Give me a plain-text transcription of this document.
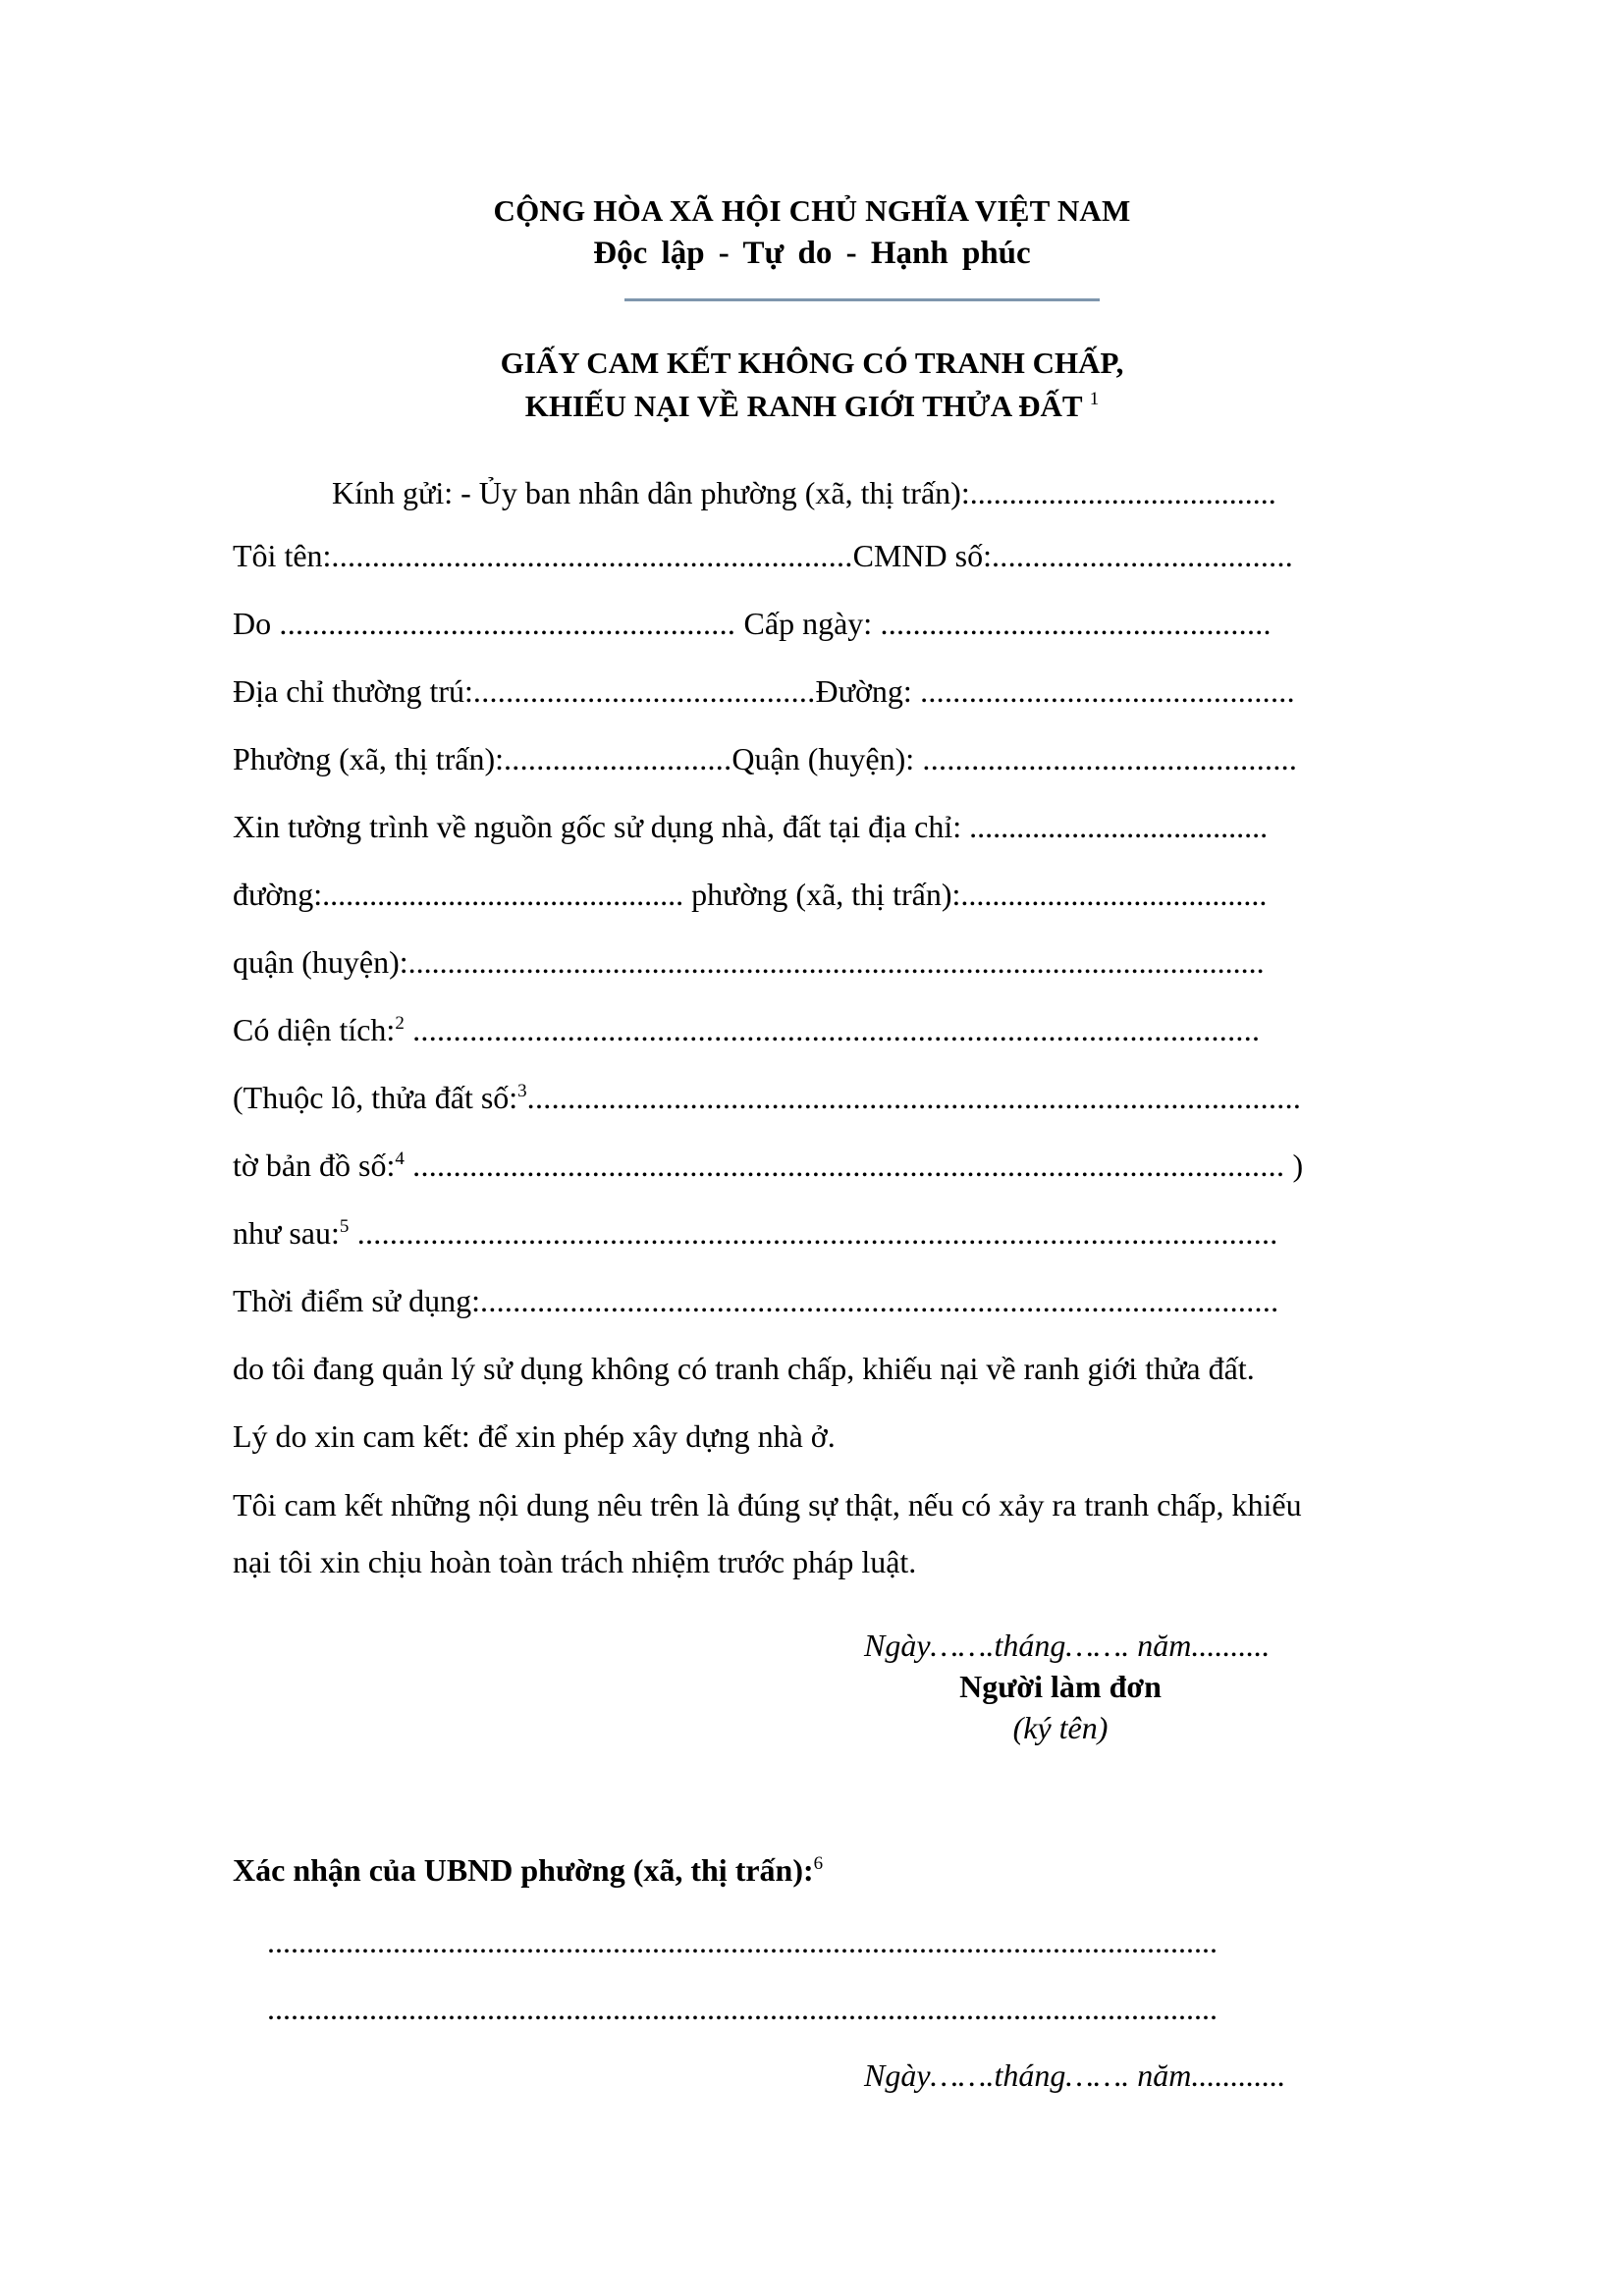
CỘNG HÒA XÃ HỘI CHỦ NGHĨA VIỆT NAM
Độc lập - Tự do - Hạnh phúc
GIẤY CAM KẾT KHÔNG CÓ TRANH CHẤP,
KHIẾU NẠI VỀ RANH GIỚI THỬA ĐẤT $^1$
Kính gửi: - Ủy ban nhân dân phường (xã, thị trấn):.......................................
Tôi tên:................................................................CMND số:.....................................
Do ........................................................ Cấp ngày: ................................................
Địa chỉ thường trú:..........................................Đường: ..............................................
Phường (xã, thị trấn):............................Quận (huyện): ..............................................
Xin tường trình về nguồn gốc sử dụng nhà, đất tại địa chỉ: ......................................
đường:.............................................. phường (xã, thị trấn):.......................................
quận (huyện):.............................................................................................................
Có diện tích:$^2$ ........................................................................................................
(Thuộc lô, thửa đất số:$^3$...............................................................................................
tờ bản đồ số:$^4$ ........................................................................................................... )
như sau:$^5$ .................................................................................................................
Thời điểm sử dụng:..................................................................................................
do tôi đang quản lý sử dụng không có tranh chấp, khiếu nại về ranh giới thửa đất.
Lý do xin cam kết: để xin phép xây dựng nhà ở.
Tôi cam kết những nội dung nêu trên là đúng sự thật, nếu có xảy ra tranh chấp, khiếu
nại tôi xin chịu hoàn toàn trách nhiệm trước pháp luật.
Ngày…….tháng……. năm..........
Người làm đơn
(ký tên)
Xác nhận của UBND phường (xã, thị trấn):$^6$
.........................................................................................................................
.........................................................................................................................
Ngày…….tháng……. năm............
